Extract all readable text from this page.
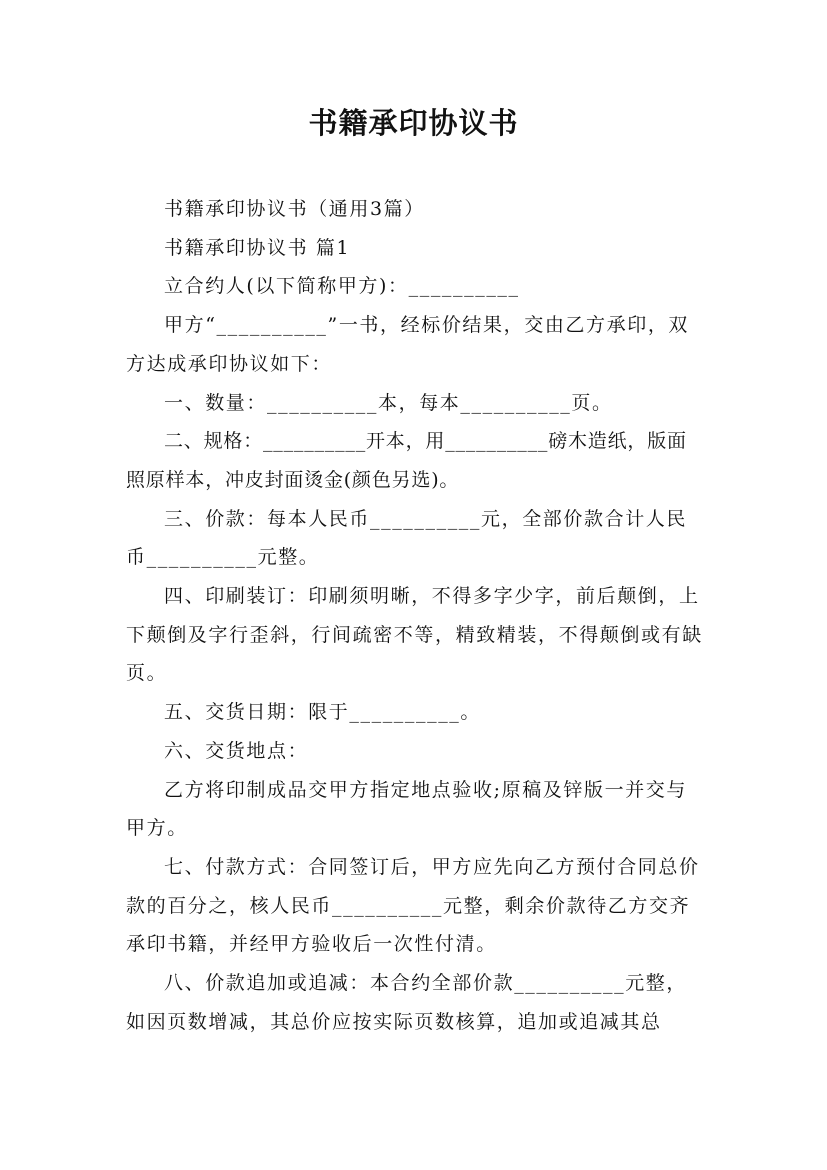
书籍承印协议书

书籍承印协议书（通用3篇）

书籍承印协议书 篇1

立合约人(以下简称甲方)：__________

甲方“__________”一书，经标价结果，交由乙方承印，双方达成承印协议如下：

一、数量：__________本，每本__________页。

二、规格：__________开本，用__________磅木造纸，版面照原样本，冲皮封面烫金(颜色另选)。

三、价款：每本人民币__________元，全部价款合计人民币__________元整。

四、印刷装订：印刷须明晰，不得多字少字，前后颠倒，上下颠倒及字行歪斜，行间疏密不等，精致精装，不得颠倒或有缺页。

五、交货日期：限于__________。

六、交货地点：

乙方将印制成品交甲方指定地点验收;原稿及锌版一并交与甲方。

七、付款方式：合同签订后，甲方应先向乙方预付合同总价款的百分之，核人民币__________元整，剩余价款待乙方交齐承印书籍，并经甲方验收后一次性付清。

八、价款追加或追减：本合约全部价款__________元整，如因页数增减，其总价应按实际页数核算，追加或追减其总
